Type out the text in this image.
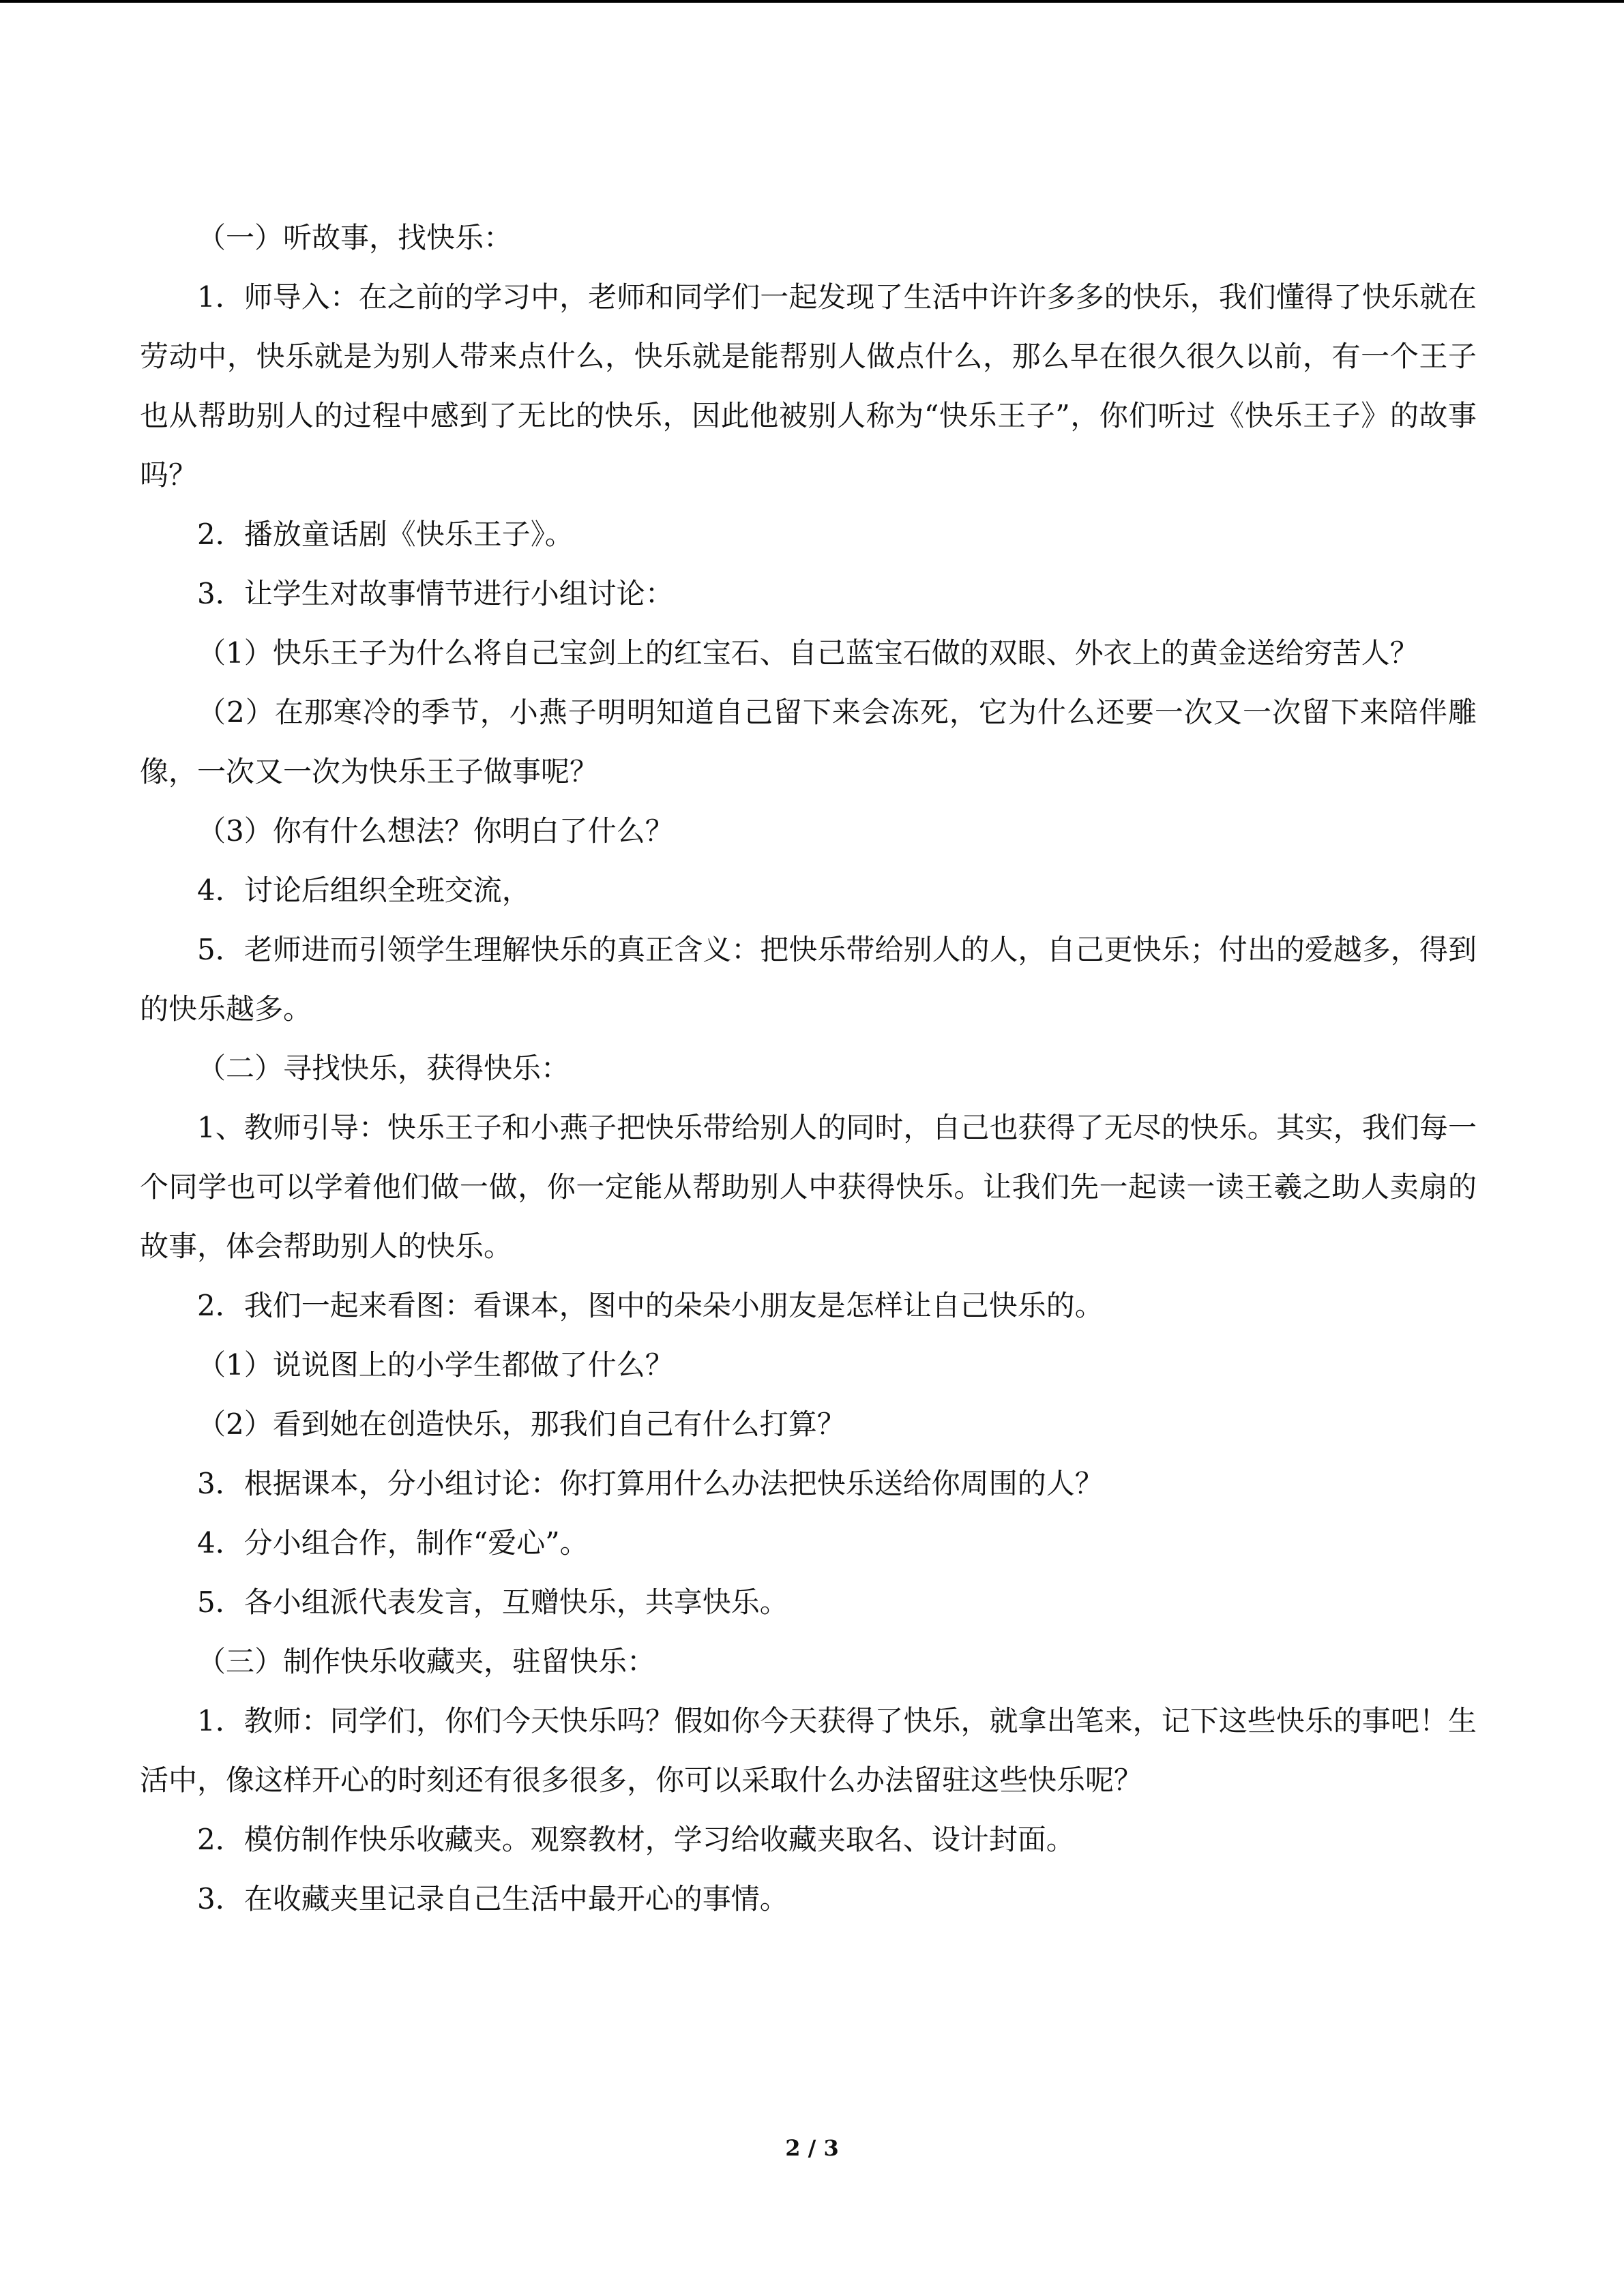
（一）听故事，找快乐：

1．师导入：在之前的学习中，老师和同学们一起发现了生活中许许多多的快乐，我们懂得了快乐就在劳动中，快乐就是为别人带来点什么，快乐就是能帮别人做点什么，那么早在很久很久以前，有一个王子也从帮助别人的过程中感到了无比的快乐，因此他被别人称为“快乐王子”，你们听过《快乐王子》的故事吗？

2．播放童话剧《快乐王子》。

3．让学生对故事情节进行小组讨论：

（1）快乐王子为什么将自己宝剑上的红宝石、自己蓝宝石做的双眼、外衣上的黄金送给穷苦人？

（2）在那寒冷的季节，小燕子明明知道自己留下来会冻死，它为什么还要一次又一次留下来陪伴雕像，一次又一次为快乐王子做事呢？

（3）你有什么想法？你明白了什么？

4．讨论后组织全班交流，

5．老师进而引领学生理解快乐的真正含义：把快乐带给别人的人，自己更快乐；付出的爱越多，得到的快乐越多。

（二）寻找快乐，获得快乐：

1、教师引导：快乐王子和小燕子把快乐带给别人的同时，自己也获得了无尽的快乐。其实，我们每一个同学也可以学着他们做一做，你一定能从帮助别人中获得快乐。让我们先一起读一读王羲之助人卖扇的故事，体会帮助别人的快乐。

2．我们一起来看图：看课本，图中的朵朵小朋友是怎样让自己快乐的。

（1）说说图上的小学生都做了什么？

（2）看到她在创造快乐，那我们自己有什么打算？

3．根据课本，分小组讨论：你打算用什么办法把快乐送给你周围的人？

4．分小组合作，制作“爱心”。

5．各小组派代表发言，互赠快乐，共享快乐。

（三）制作快乐收藏夹，驻留快乐：

1．教师：同学们，你们今天快乐吗？假如你今天获得了快乐，就拿出笔来，记下这些快乐的事吧！生活中，像这样开心的时刻还有很多很多，你可以采取什么办法留驻这些快乐呢？

2．模仿制作快乐收藏夹。观察教材，学习给收藏夹取名、设计封面。

3．在收藏夹里记录自己生活中最开心的事情。

2 / 3
